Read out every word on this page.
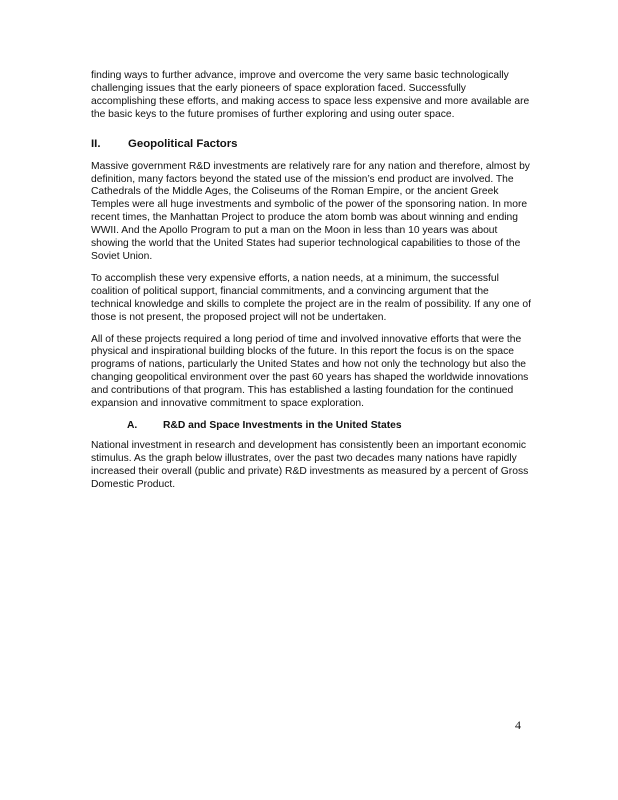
finding ways to further advance, improve and overcome the very same basic technologically challenging issues that the early pioneers of space exploration faced. Successfully accomplishing these efforts, and making access to space less expensive and more available are the basic keys to the future promises of further exploring and using outer space.

II.	Geopolitical Factors

Massive government R&D investments are relatively rare for any nation and therefore, almost by definition, many factors beyond the stated use of the mission’s end product are involved. The Cathedrals of the Middle Ages, the Coliseums of the Roman Empire, or the ancient Greek Temples were all huge investments and symbolic of the power of the sponsoring nation. In more recent times, the Manhattan Project to produce the atom bomb was about winning and ending WWII. And the Apollo Program to put a man on the Moon in less than 10 years was about showing the world that the United States had superior technological capabilities to those of the Soviet Union.

To accomplish these very expensive efforts, a nation needs, at a minimum, the successful coalition of political support, financial commitments, and a convincing argument that the technical knowledge and skills to complete the project are in the realm of possibility. If any one of those is not present, the proposed project will not be undertaken.

All of these projects required a long period of time and involved innovative efforts that were the physical and inspirational building blocks of the future. In this report the focus is on the space programs of nations, particularly the United States and how not only the technology but also the changing geopolitical environment over the past 60 years has shaped the worldwide innovations and contributions of that program. This has established a lasting foundation for the continued expansion and innovative commitment to space exploration.

A.	R&D and Space Investments in the United States

National investment in research and development has consistently been an important economic stimulus. As the graph below illustrates, over the past two decades many nations have rapidly increased their overall (public and private) R&D investments as measured by a percent of Gross Domestic Product.

4
